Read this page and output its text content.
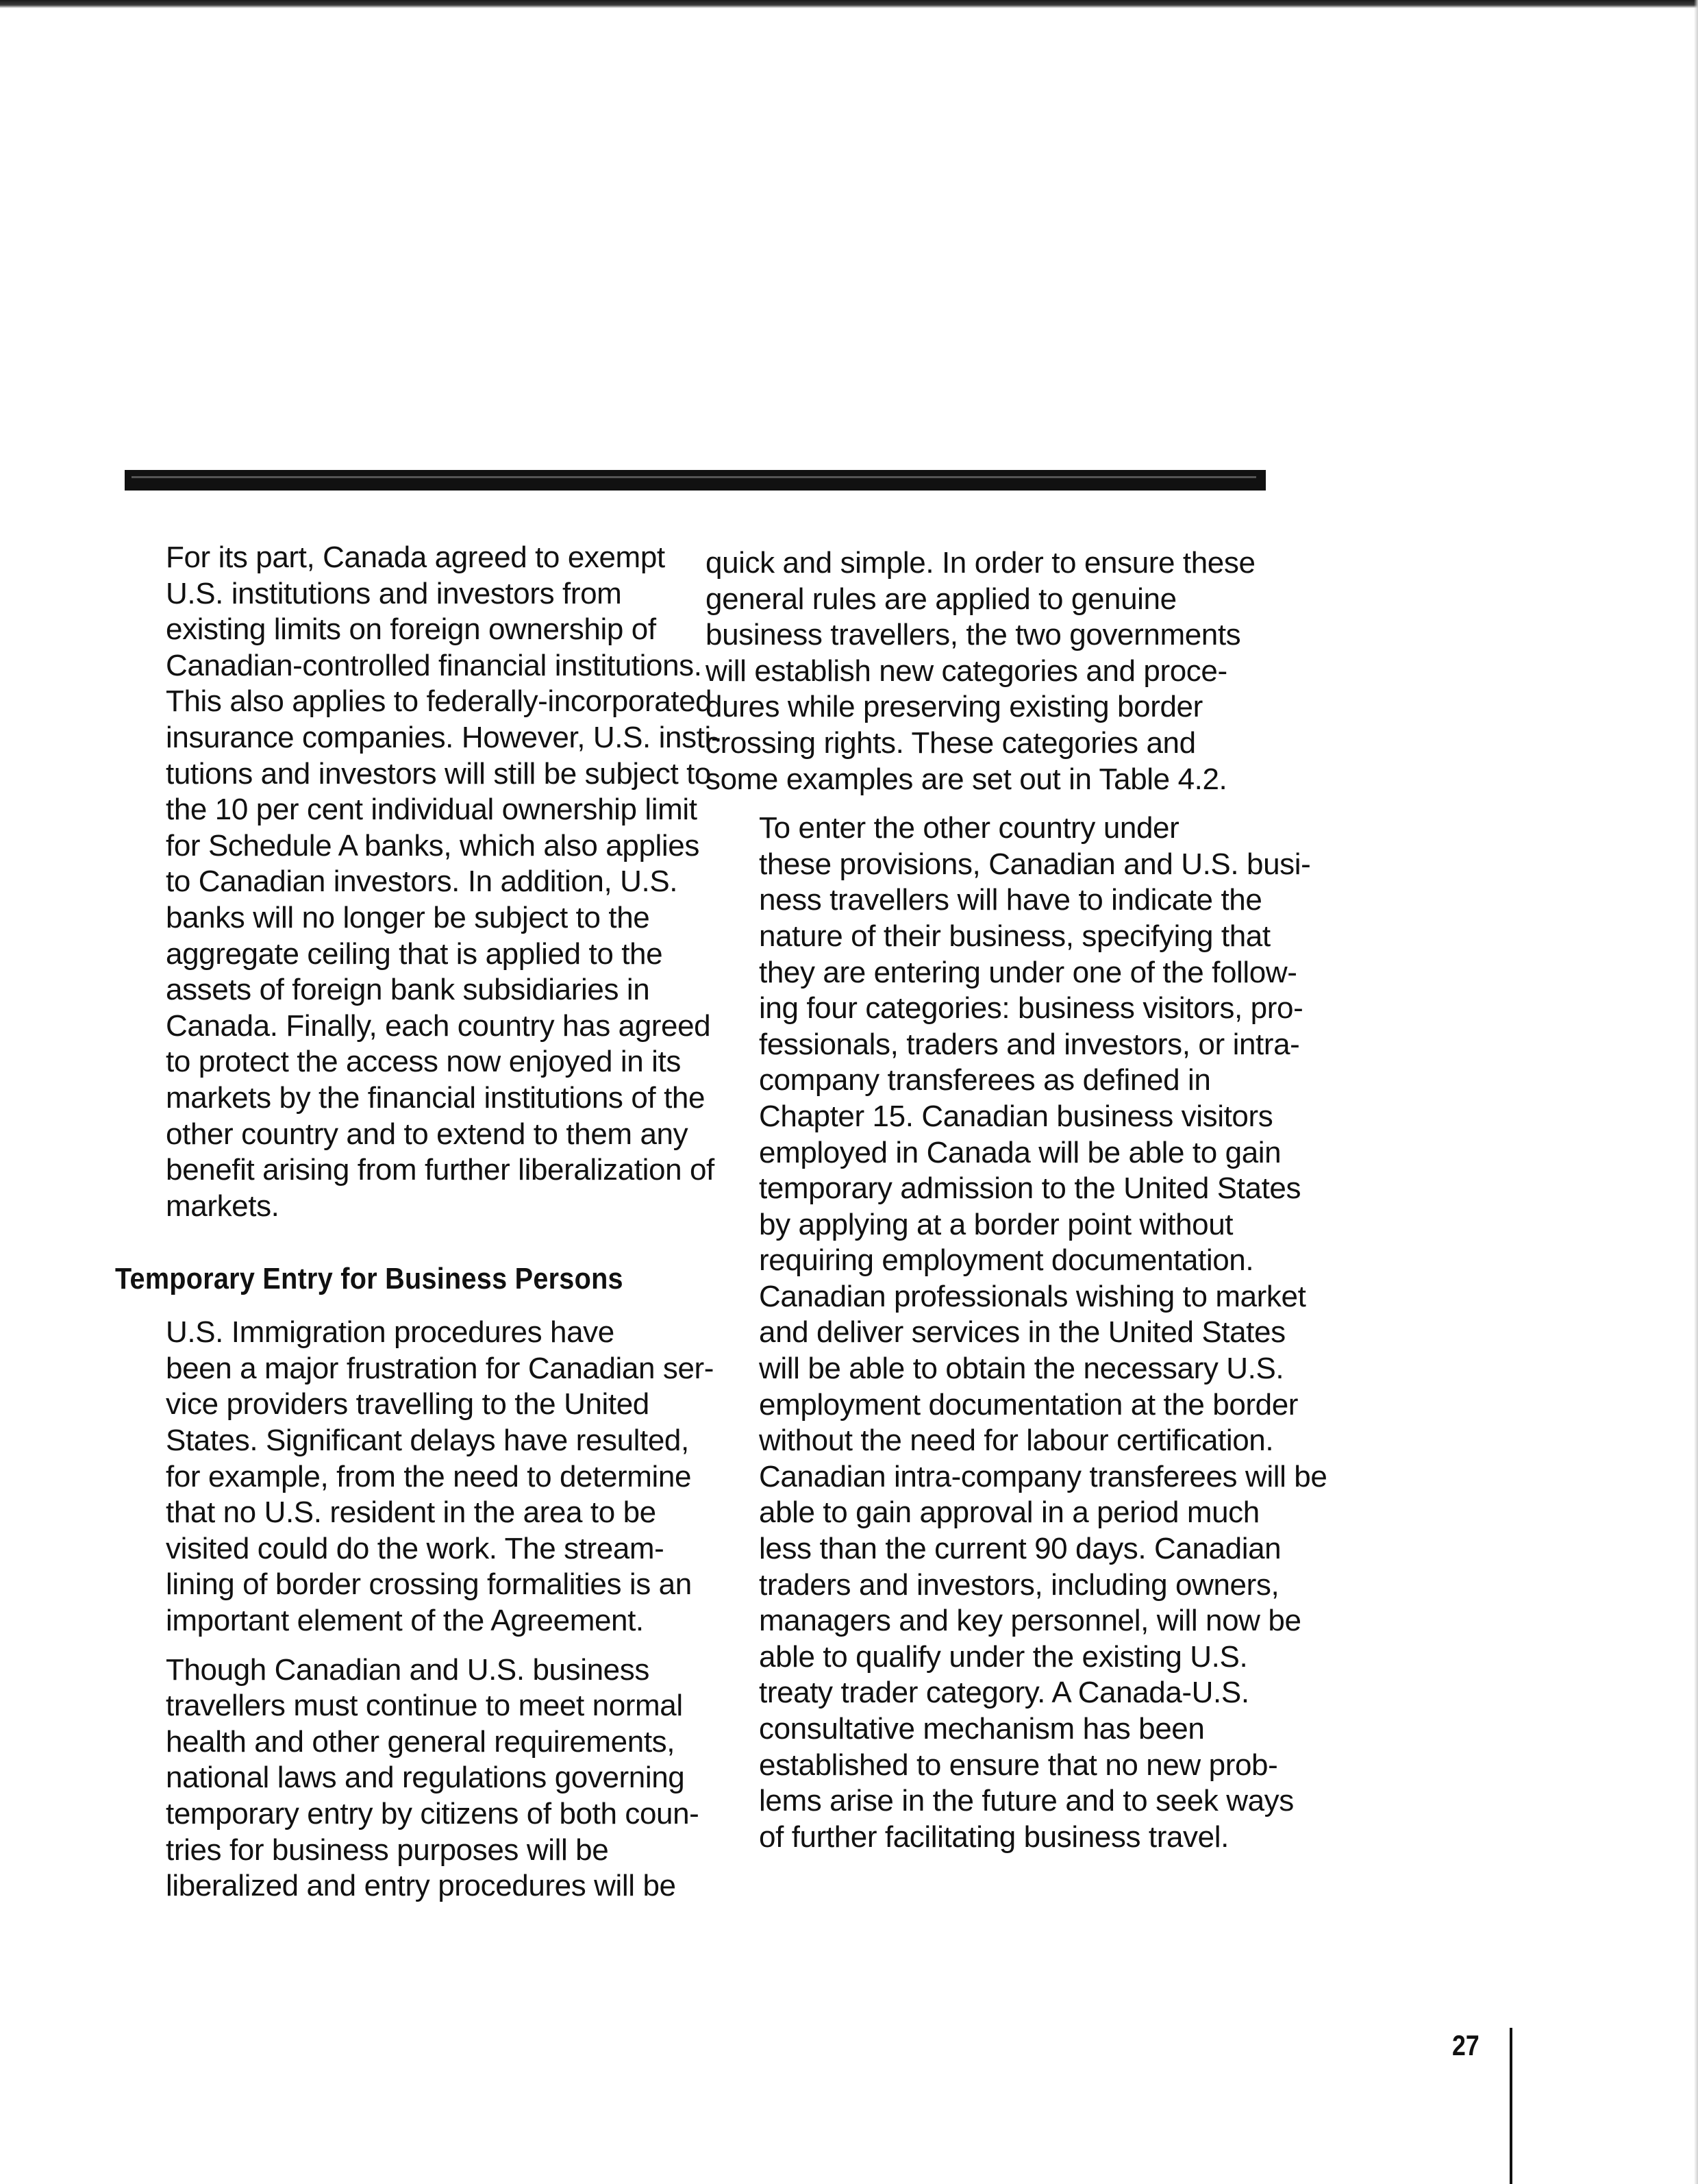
For its part, Canada agreed to exempt
U.S. institutions and investors from
existing limits on foreign ownership of
Canadian-controlled financial institutions.
This also applies to federally-incorporated
insurance companies. However, U.S. insti-
tutions and investors will still be subject to
the 10 per cent individual ownership limit
for Schedule A banks, which also applies
to Canadian investors. In addition, U.S.
banks will no longer be subject to the
aggregate ceiling that is applied to the
assets of foreign bank subsidiaries in
Canada. Finally, each country has agreed
to protect the access now enjoyed in its
markets by the financial institutions of the
other country and to extend to them any
benefit arising from further liberalization of
markets.

Temporary Entry for Business Persons

U.S. Immigration procedures have
been a major frustration for Canadian ser-
vice providers travelling to the United
States. Significant delays have resulted,
for example, from the need to determine
that no U.S. resident in the area to be
visited could do the work. The stream-
lining of border crossing formalities is an
important element of the Agreement.

Though Canadian and U.S. business
travellers must continue to meet normal
health and other general requirements,
national laws and regulations governing
temporary entry by citizens of both coun-
tries for business purposes will be
liberalized and entry procedures will be

quick and simple. In order to ensure these
general rules are applied to genuine
business travellers, the two governments
will establish new categories and proce-
dures while preserving existing border
crossing rights. These categories and
some examples are set out in Table 4.2.

To enter the other country under
these provisions, Canadian and U.S. busi-
ness travellers will have to indicate the
nature of their business, specifying that
they are entering under one of the follow-
ing four categories: business visitors, pro-
fessionals, traders and investors, or intra-
company transferees as defined in
Chapter 15. Canadian business visitors
employed in Canada will be able to gain
temporary admission to the United States
by applying at a border point without
requiring employment documentation.
Canadian professionals wishing to market
and deliver services in the United States
will be able to obtain the necessary U.S.
employment documentation at the border
without the need for labour certification.
Canadian intra-company transferees will be
able to gain approval in a period much
less than the current 90 days. Canadian
traders and investors, including owners,
managers and key personnel, will now be
able to qualify under the existing U.S.
treaty trader category. A Canada-U.S.
consultative mechanism has been
established to ensure that no new prob-
lems arise in the future and to seek ways
of further facilitating business travel.

27
